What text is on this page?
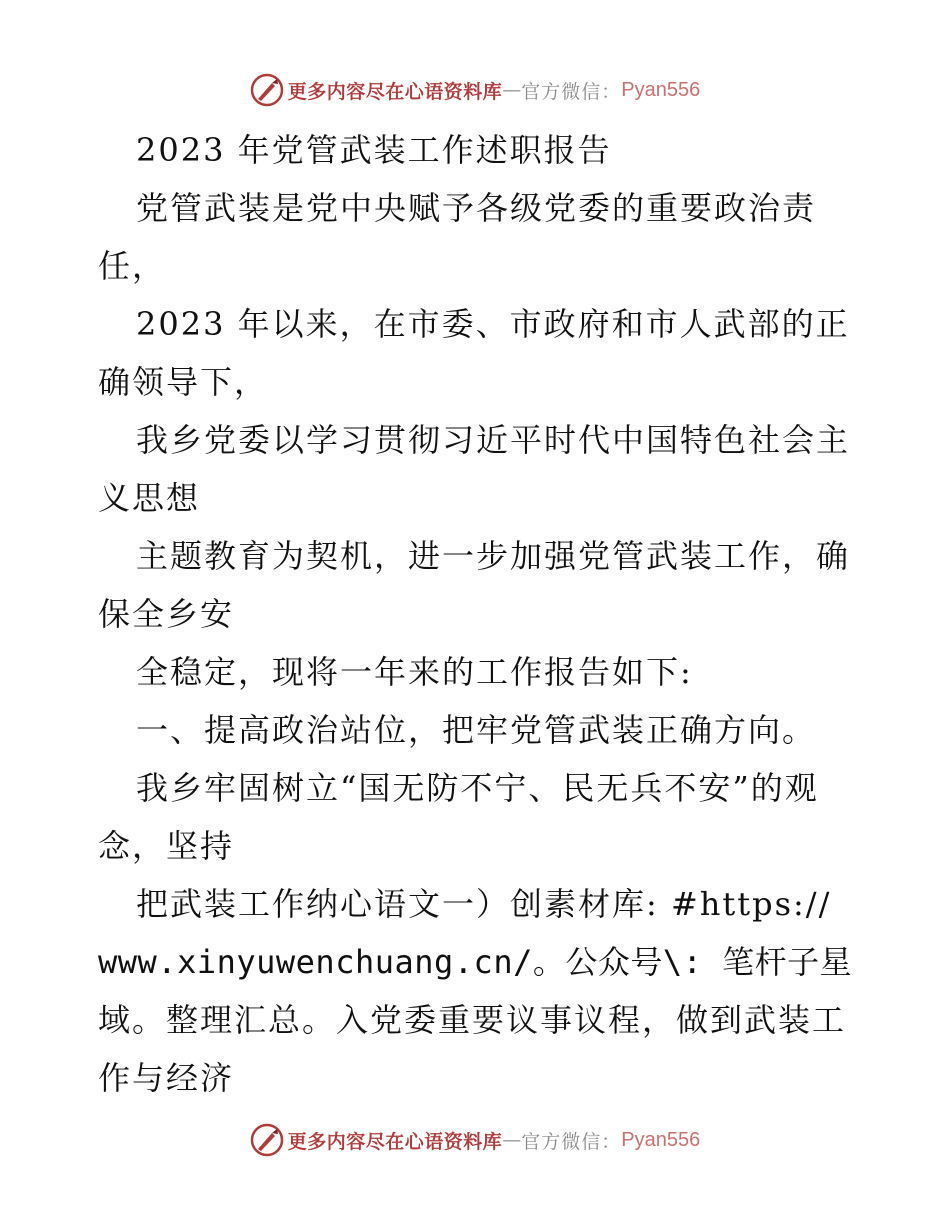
更多内容尽在心语资料库 — 官方微信： Pyan556

2023 年党管武装工作述职报告

党管武装是党中央赋予各级党委的重要政治责

任，

2023 年以来，在市委、市政府和市人武部的正

确领导下，

我乡党委以学习贯彻习近平时代中国特色社会主

义思想

主题教育为契机，进一步加强党管武装工作，确

保全乡安

全稳定，现将一年来的工作报告如下:

一、提高政治站位，把牢党管武装正确方向。

我乡牢固树立“国无防不宁、民无兵不安”的观

念，坚持

把武装工作纳心语文一）创素材库: #https://

www.xinyuwenchuang.cn/。公众号\: 笔杆子星

域。整理汇总。入党委重要议事议程，做到武装工

作与经济

更多内容尽在心语资料库 — 官方微信： Pyan556
